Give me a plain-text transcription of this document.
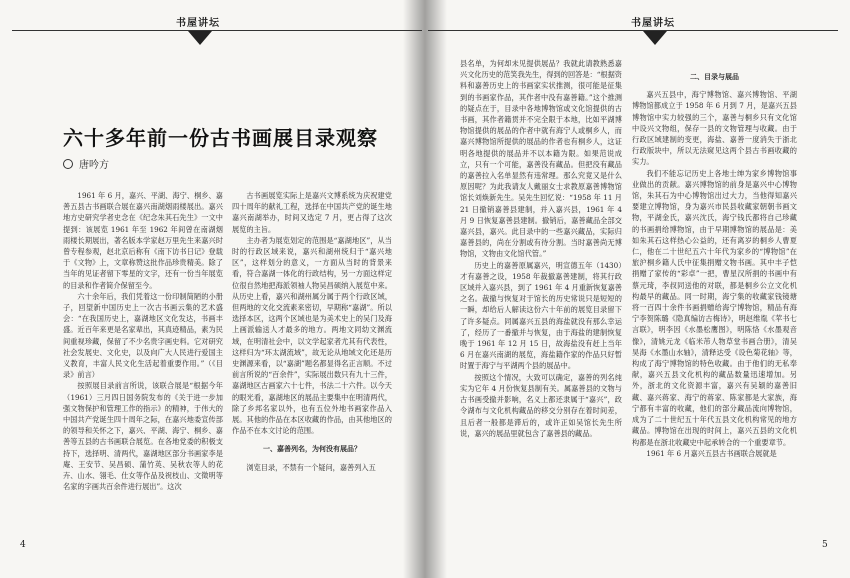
书屋讲坛
六十多年前一份古书画展目录观察
唐吟方

1961 年 6 月，嘉兴、平湖、海宁、桐乡、嘉善五县古书画联合展在嘉兴南湖烟雨楼展出。嘉兴地方史研究学者史念在《纪念朱其石先生》一文中提到：该展览 1961 年至 1962 年间曾在南湖烟雨楼长期展出，著名版本学家赵万里先生来嘉兴时曾专程参观，赵北京后称有《南下访书日记》登载于《文物》上，文章称赞这批作品珍贵精美。除了当年的见证者留下零星的文字，还有一份当年展览的目录和作者简介保留至今。

六十余年后，我们凭着这一份印制简陋的小册子，回望新中国历史上一次古书画云集的艺术盛会：“在我国历史上，嘉湖地区文化发达，书画丰盛。近百年来更是名家辈出，其真迹精品，素为民间重视珍藏，保留了不少名贵字画史料。它对研究社会发展史、文化史，以及向广大人民进行爱国主义教育，丰富人民文化生活起着重要作用。”（《目录》前言）

按照展目录前言所说，该联合展是“根据今年（1961）三月四日国务院发布的《关于进一步加强文物保护和管理工作的指示》的精神，于伟大的中国共产党诞生四十周年之际，在嘉兴地委宣传部的领导和关怀之下，嘉兴、平湖、海宁、桐乡、嘉善等五县的古书画联合展览。在各地党委的积极支持下，选择明、清两代，嘉湖地区部分书画家李是庵、王安节、吴昌硕、蒲竹英、吴秋农等人的花卉、山水、翎毛、仕女等作品及祝枝山、文徵明等名家的字画共百余件进行展出”。这次

古书画展览实际上是嘉兴文博系统为庆祝建党四十周年的献礼工程，选择在中国共产党的诞生地嘉兴南湖举办，时间又选定 7 月，更占得了这次展览的主旨。

主办者为展览划定的范围是“嘉湖地区”，从当时的行政区域来说，嘉兴和湖州统归于“嘉兴地区”，这样划分的意义，一方面从当时的背景来看，符合嘉湖一体化的行政结构，另一方面这样定位很自然地把海派领袖人物吴昌硕纳入展览中来。从历史上看，嘉兴和湖州属分属于两个行政区域，但两地的文化交流素来密切，早期称“嘉湖”。所以选择本区，这两个区域也是为美术史上的吴门及海上画派输送人才最多的地方。两地文同幼文渊流域，在明清社会中，以文学起家者尤其有代表性，这样归为“环太湖流域”，故无论从地域文化还是历史渊源来看，以“嘉湖”题名都显得名正言顺。不过前言所说的“百余件”，实际展出数只有九十三件，嘉湖地区古画家六十七件，书法二十六件。以今天的眼光看，嘉湖地区的展品主要集中在明清两代，除了乡邦名家以外，也有五位外地书画家作品入展。其他的作品在本区收藏的作品，由其他地区的作品不在本文讨论的范围。

一、嘉善列名，为何没有展品？

浏览目录，不禁有一个疑问，嘉善列入五

4
书屋讲坛

县名单，为何却未见提供展品？我就此请教熟悉嘉兴文化历史的范笑我先生，得到的回答是：“根据资料和嘉善历史上的书画家实状推测，很可能是征集到的书画家作品，其作者中没有嘉善籍。”这个推测的疑点在于，目录中各地博物馆或文化馆提供的古书画，其作者籍贯并不完全限于本地，比如平湖博物馆提供的展品的作者中就有海宁人或桐乡人，而嘉兴博物馆所提供的展品的作者也有桐乡人，这证明各地提供的展品并不以本籍为限。如果范说成立，只有一个可能，嘉善没有藏品。但把没有藏品的嘉善拉入名单显然有违常理。那么究竟又是什么原因呢？为此我请友人戴丽女士求教原嘉善博物馆馆长刘焕新先生。吴先生回忆说：“1958 年 11 月 21 日撤销嘉善县建制，并入嘉兴县，1961 年 4 月 9 日恢复嘉善县建制。撤销后，嘉善藏品全部交嘉兴县，嘉兴。此目录中的一些嘉兴藏品，实际归嘉善县的，尚在分割或有待分割。当时嘉善尚无博物馆，文物由文化馆代管。”

历史上的嘉善原属嘉兴，明宣德五年（1430）才有嘉善之设，1958 年裁撤嘉善建制，将其行政区域并入嘉兴县，到了 1961 年 4 月重新恢复嘉善之名。裁撤与恢复对于馆长的历史常说只是短短的一瞬，却给后人解读这份六十年前的展览目录留下了许多疑点。同属嘉兴五县的海盐就没有那么幸运了，经历了一番撤并与恢复，由于海盐的建制恢复晚于 1961 年 12 月 15 日，故海盐没有赶上当年 6 月在嘉兴南湖的展览，海盐籍作家的作品只好暂时置于海宁与平湖两个县的展品中。

按照这个情况，大致可以确定，嘉善的列名纯实为它年 4 月份恢复县制有关。属嘉善县的文物与古书画受撤并影响，名义上都还隶属于“嘉兴”，政令湖布与文化机构藏品的移交分别存在着时间差，且后者一般都是滞后的，或许正如吴馆长先生所说，嘉兴的展品里就包含了嘉善县的藏品。

二、目录与展品

嘉兴五县中，海宁博物馆、嘉兴博物馆、平湖博物馆都成立于 1958 年 6 月到 7 月，是嘉兴五县博物馆中实力较强的三个，嘉善与桐乡只有文化馆中设兴文物组，保存一县的文物管理与收藏。由于行政区域建制的变更，海盐、嘉善一度消失于浙北行政版块中，所以无法窥见这两个县古书画收藏的实力。

我们不能忘记历史上各地士绅为家乡博物馆事业做出的贡献。嘉兴博物馆的前身是嘉兴中心博物馆，朱其石为中心博物馆出过大力，当他得知嘉兴要建立博物馆，身为嘉兴市民县收藏家朝朝书画文物，平湖金氏，嘉兴沈氏，海宁钱氏都将自己珍藏的书画捐给博物馆，由于早期博物馆的展品是：美如朱其石这样热心公益的，还有离岁的桐乡人曹夏仁，他在二十世纪五六十年代为家乡的“博物馆”在旅沪桐乡籍人氏中征集捐赠文物书画。其中丰子恺捐赠了家传的“彩卓”一把，曹星汉所捐的书画中有蔡元琦，李叔同送他的对联，都是桐乡公立文化机构最早的藏品。同一时期，海宁集的收藏家钱镜塘将一百四十余件书画捐赠给海宁博物馆，精品有海宁李贺陈璐《隐真编访古梅诗》，明赵维胤《苹书七言联》，明李因《水墨松鹰图》，明陈恪《水墨观音像》，清姚元龙《临米芾人物草堂书画合册》，清吴昊海《水墨山水轴》，清释达受《设色菊花轴》等，构成了海宁博物馆的特色收藏。由于他们的无私奉献，嘉兴五县文化机构的藏品数量迅速增加。另外，浙北的文化资源丰富，嘉兴有吴颖的嘉善旧藏、嘉兴蒋家、海宁的蒋家、陈家都是大家族，海宁都有丰富的收藏，他们的部分藏品流向博物馆，成为了二十世纪五十年代五县文化机构常见的地方藏品。博物馆在出现的时间上，嘉兴五县的文化机构都是在浙北收藏史中起承转合的一个重要章节。

1961 年 6 月嘉兴五县古书画联合展就是

5
